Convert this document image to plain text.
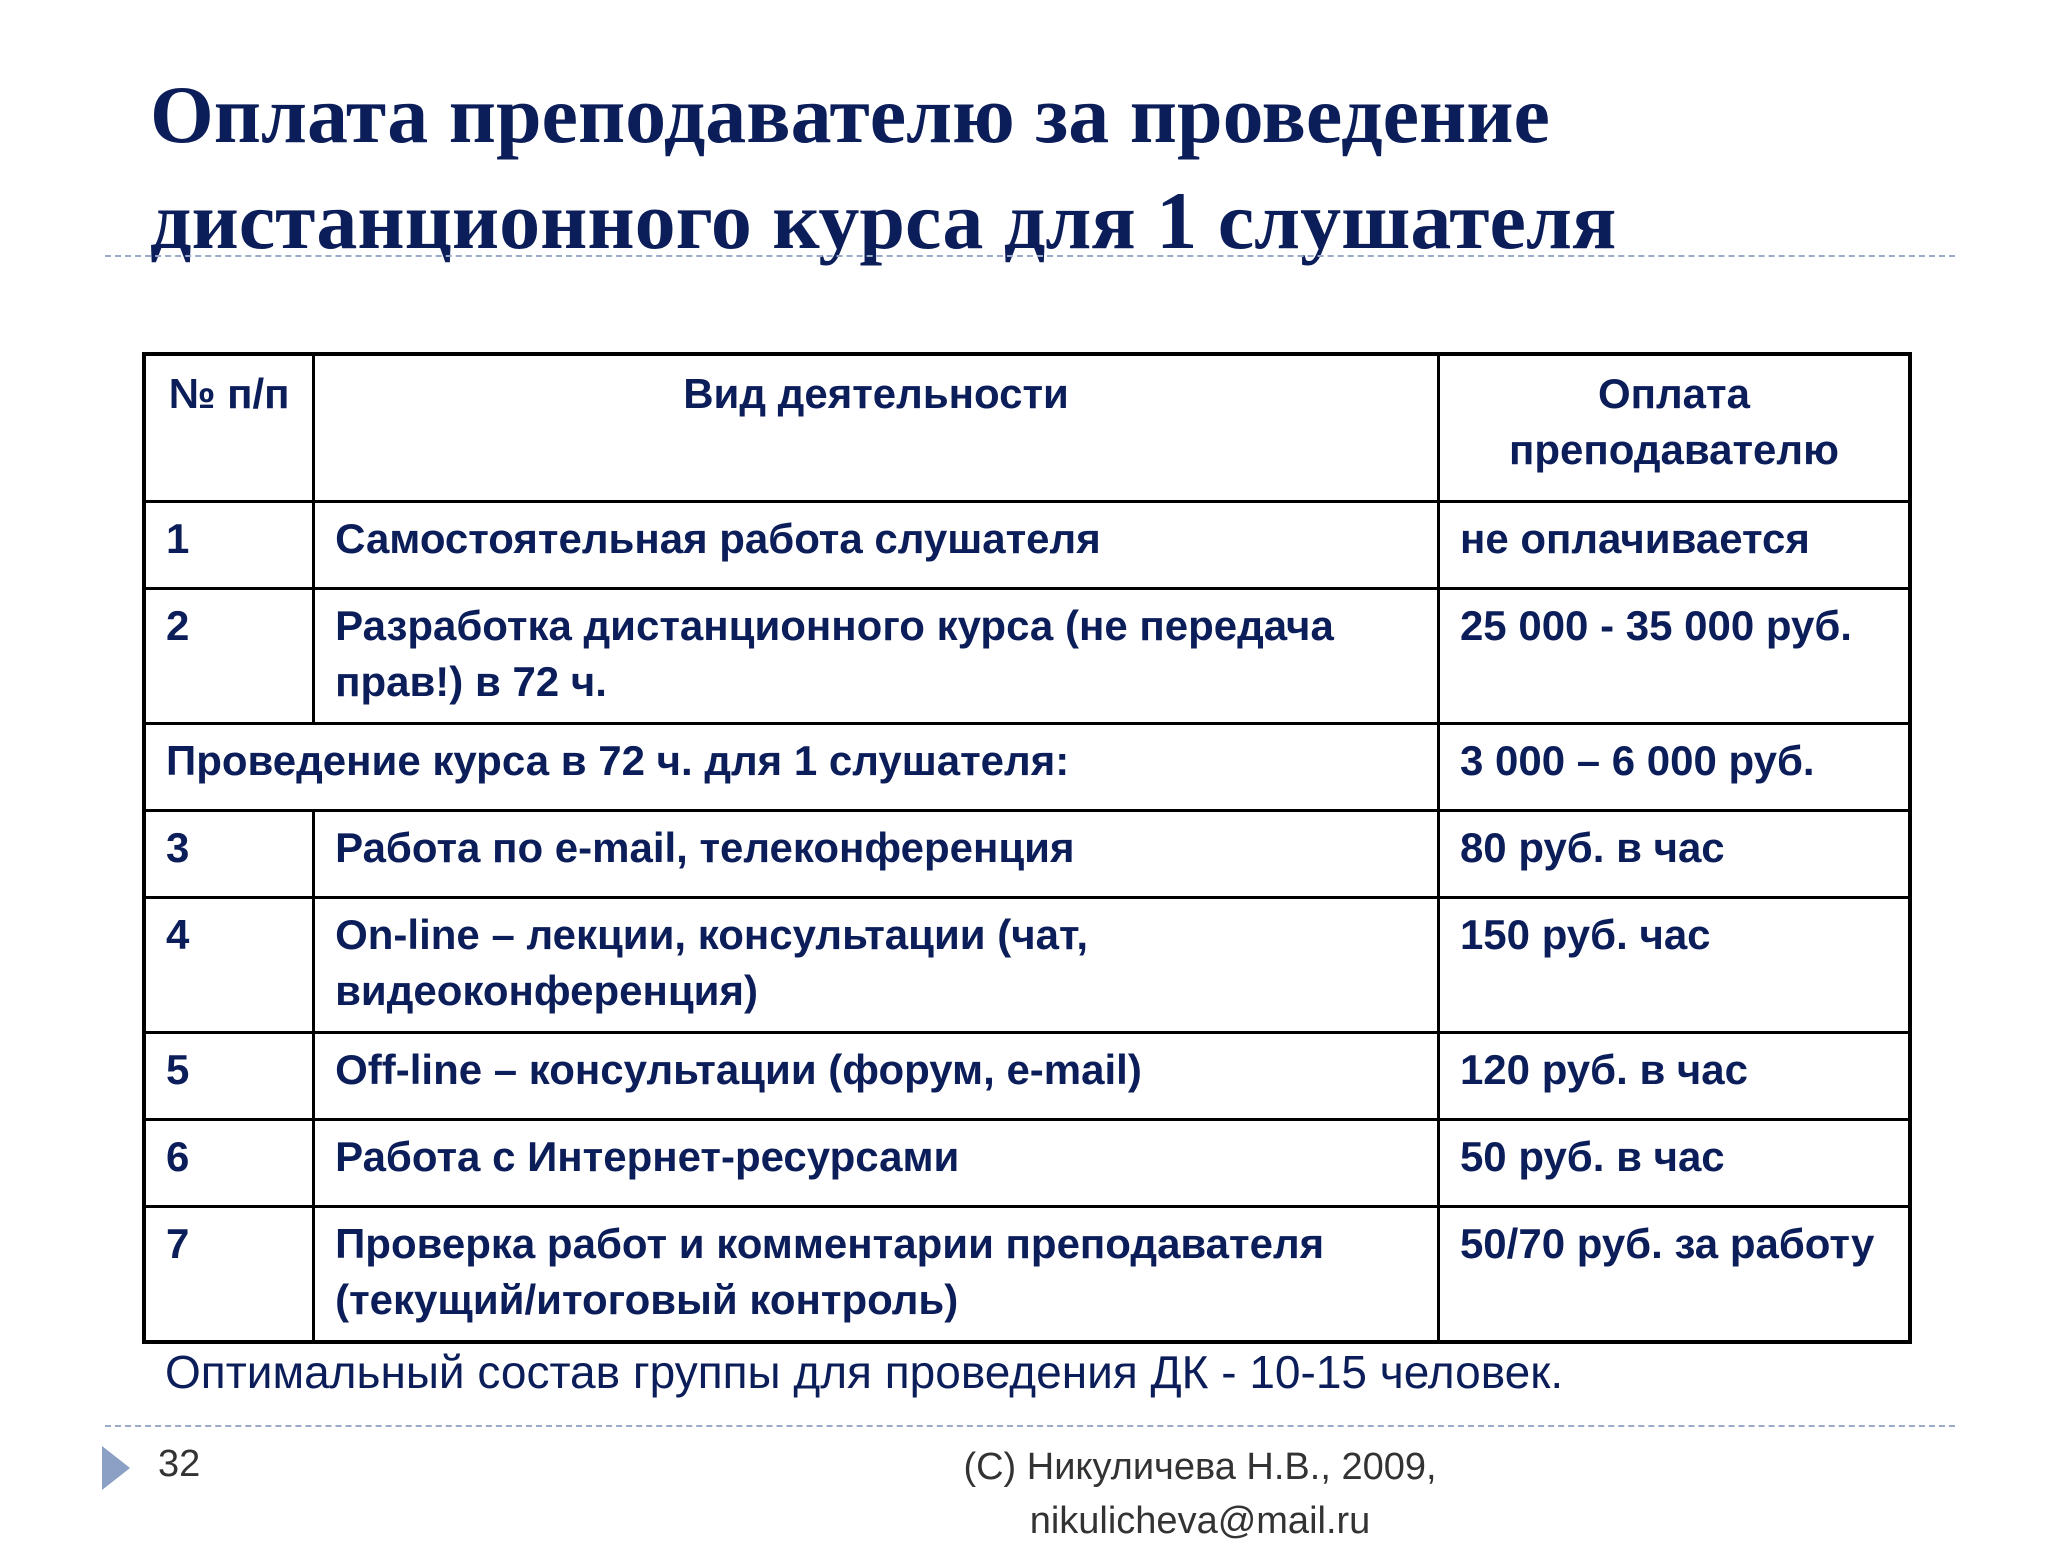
Оплата преподавателю за проведение
дистанционного курса для 1 слушателя
№ п/п	Вид деятельности	Оплата преподавателю
1	Самостоятельная работа слушателя	не оплачивается
2	Разработка дистанционного курса (не передача прав!) в 72 ч.	25 000 - 35 000 руб.
Проведение курса в 72 ч. для 1 слушателя:		3 000 – 6 000 руб.
3	Работа по e-mail, телеконференция	80 руб. в час
4	On-line – лекции, консультации (чат, видеоконференция)	150 руб. час
5	Off-line – консультации (форум, e-mail)	120 руб. в час
6	Работа с Интернет-ресурсами	50 руб. в час
7	Проверка работ и комментарии преподавателя (текущий/итоговый контроль)	50/70 руб. за работу
Оптимальный состав группы для проведения ДК - 10-15 человек.
32	(С) Никуличева Н.В., 2009,
nikulicheva@mail.ru
